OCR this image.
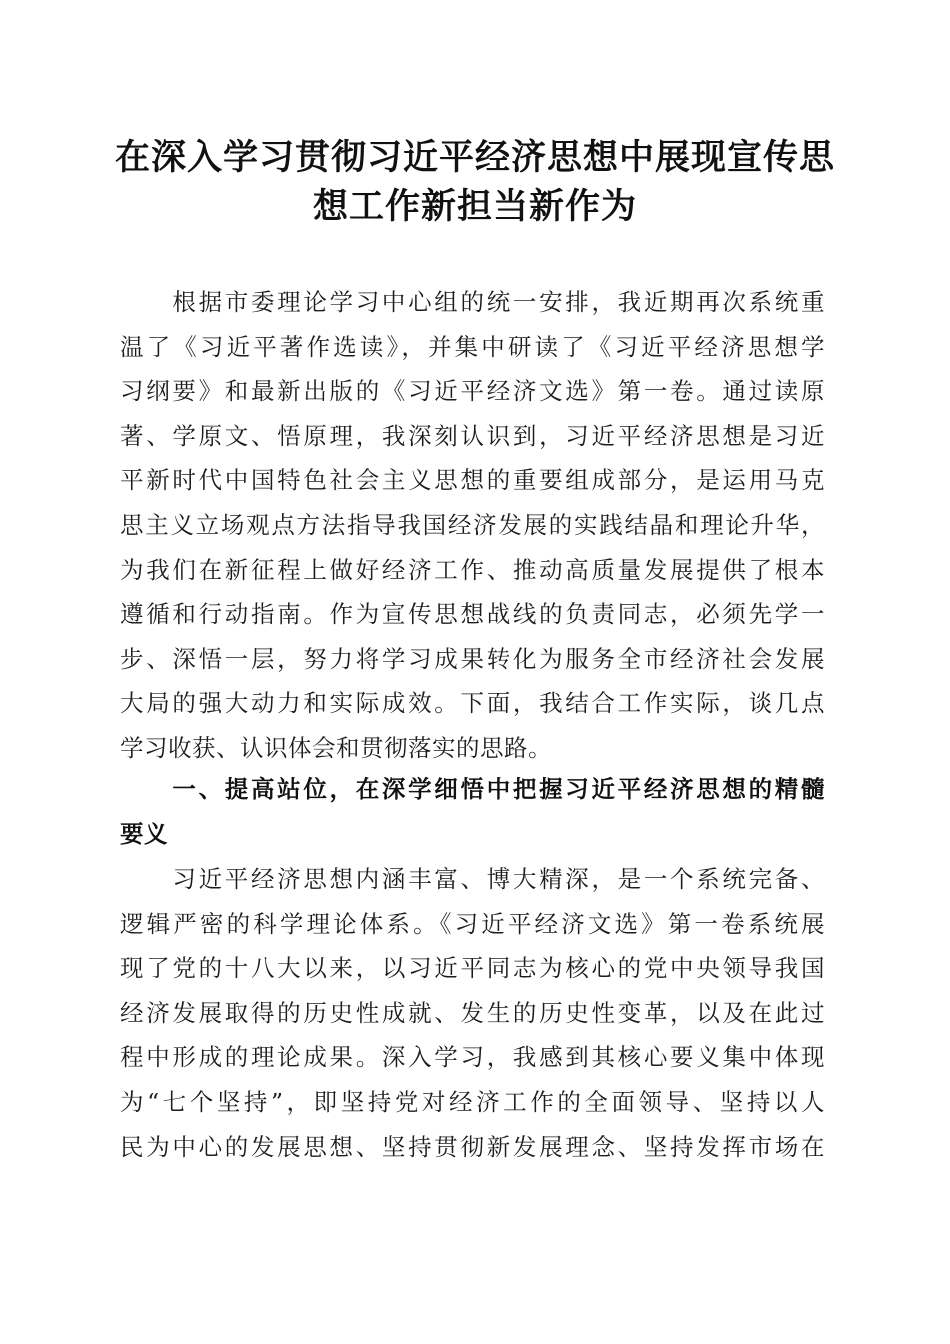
在深入学习贯彻习近平经济思想中展现宣传思
想工作新担当新作为
　　根据市委理论学习中心组的统一安排，我近期再次系统重
温了《习近平著作选读》，并集中研读了《习近平经济思想学
习纲要》和最新出版的《习近平经济文选》第一卷。通过读原
著、学原文、悟原理，我深刻认识到，习近平经济思想是习近
平新时代中国特色社会主义思想的重要组成部分，是运用马克
思主义立场观点方法指导我国经济发展的实践结晶和理论升华，
为我们在新征程上做好经济工作、推动高质量发展提供了根本
遵循和行动指南。作为宣传思想战线的负责同志，必须先学一
步、深悟一层，努力将学习成果转化为服务全市经济社会发展
大局的强大动力和实际成效。下面，我结合工作实际，谈几点
学习收获、认识体会和贯彻落实的思路。
　　一、提高站位，在深学细悟中把握习近平经济思想的精髓
要义
　　习近平经济思想内涵丰富、博大精深，是一个系统完备、
逻辑严密的科学理论体系。《习近平经济文选》第一卷系统展
现了党的十八大以来，以习近平同志为核心的党中央领导我国
经济发展取得的历史性成就、发生的历史性变革，以及在此过
程中形成的理论成果。深入学习，我感到其核心要义集中体现
为“七个坚持”，即坚持党对经济工作的全面领导、坚持以人
民为中心的发展思想、坚持贯彻新发展理念、坚持发挥市场在
